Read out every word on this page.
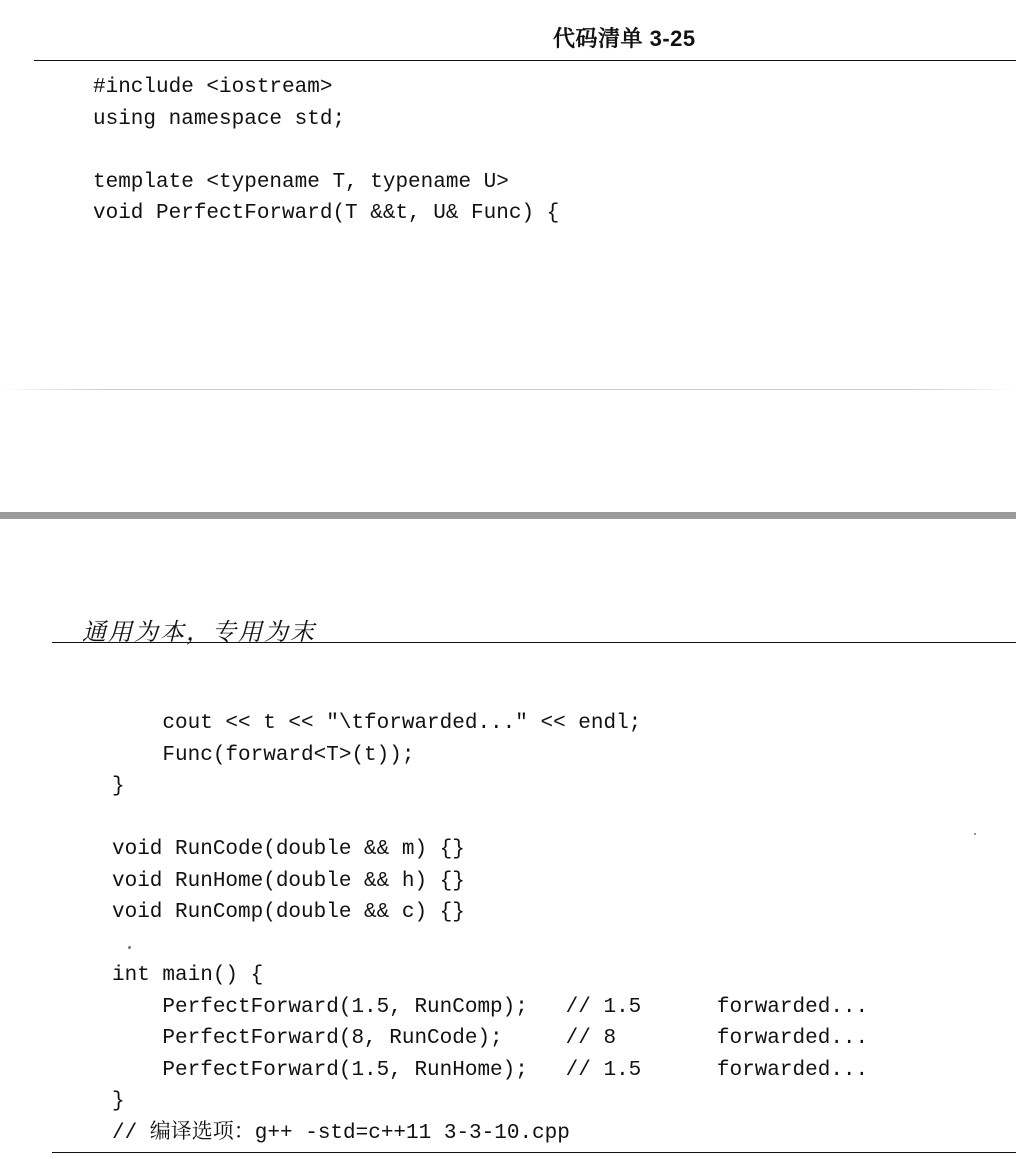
代码清单 3-25
#include <iostream>
using namespace std;
template <typename T, typename U>
void PerfectForward(T &&t, U& Func) {
通用为本，专用为末
cout << t << "\tforwarded..." << endl;
Func(forward<T>(t));
}
void RunCode(double && m) {}
void RunHome(double && h) {}
void RunComp(double && c) {}
int main() {
PerfectForward(1.5, RunComp);   // 1.5      forwarded...
PerfectForward(8, RunCode);     // 8        forwarded...
PerfectForward(1.5, RunHome);   // 1.5      forwarded...
}
// 编译选项：g++ -std=c++11 3-3-10.cpp
